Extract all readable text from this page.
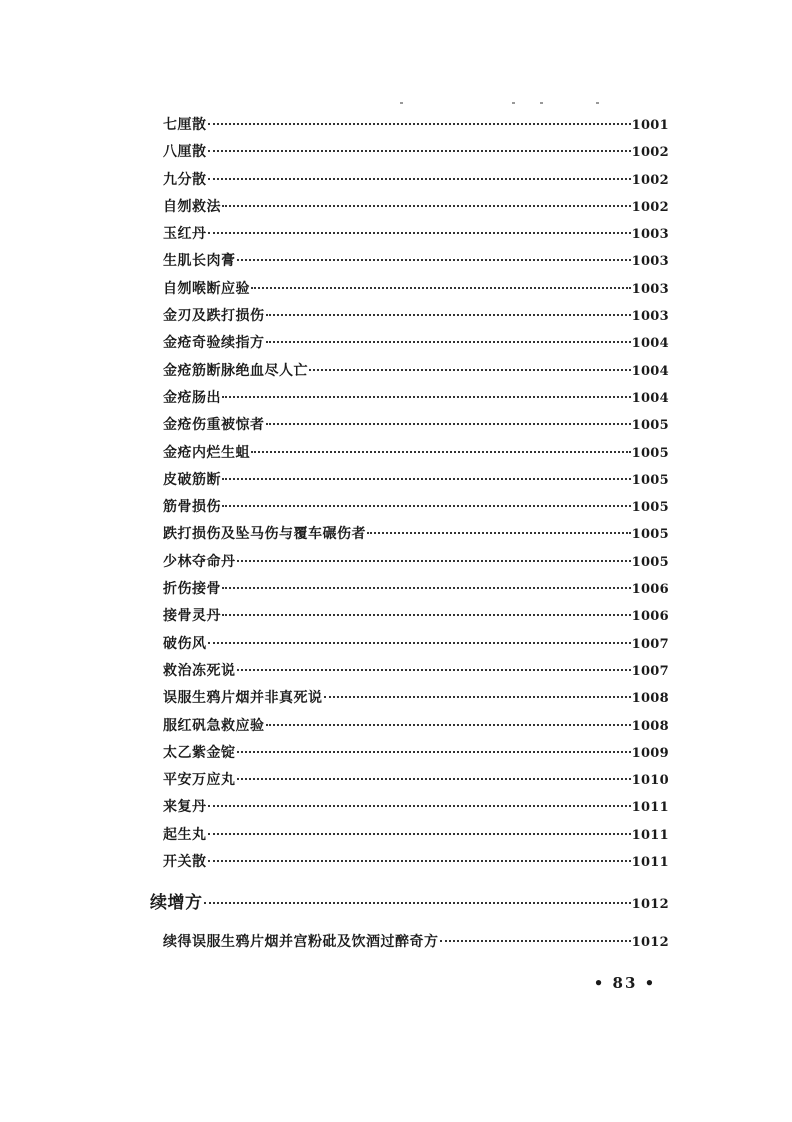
七厘散	1001
八厘散	1002
九分散	1002
自刎救法	1002
玉红丹	1003
生肌长肉膏	1003
自刎喉断应验	1003
金刃及跌打损伤	1003
金疮奇验续指方	1004
金疮筋断脉绝血尽人亡	1004
金疮肠出	1004
金疮伤重被惊者	1005
金疮内烂生蛆	1005
皮破筋断	1005
筋骨损伤	1005
跌打损伤及坠马伤与覆车碾伤者	1005
少林夺命丹	1005
折伤接骨	1006
接骨灵丹	1006
破伤风	1007
救治冻死说	1007
误服生鸦片烟并非真死说	1008
服红矾急救应验	1008
太乙紫金锭	1009
平安万应丸	1010
来复丹	1011
起生丸	1011
开关散	1011
续增方	1012
续得误服生鸦片烟并宫粉砒及饮酒过醉奇方	1012
• 83 •
